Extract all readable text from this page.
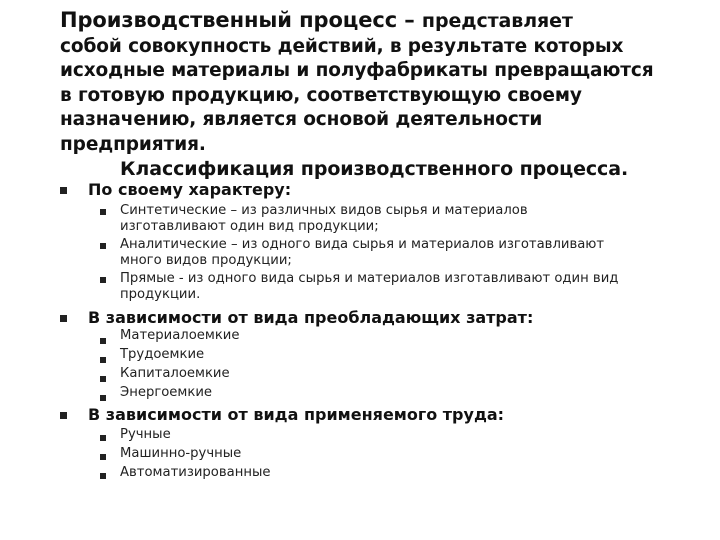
Производственный процесс – представляет
собой совокупность действий, в результате которых
исходные материалы и полуфабрикаты превращаются
в готовую продукцию, соответствующую своему
назначению, является основой деятельности
предприятия.
Классификация производственного процесса.
По своему характеру:
Синтетические – из различных видов сырья и материалов
изготавливают один вид продукции;
Аналитические – из одного вида сырья и материалов изготавливают
много видов продукции;
Прямые - из одного вида сырья и материалов изготавливают один вид
продукции.
В зависимости от вида преобладающих затрат:
Материалоемкие
Трудоемкие
Капиталоемкие
Энергоемкие
В зависимости от вида применяемого труда:
Ручные
Машинно-ручные
Автоматизированные
